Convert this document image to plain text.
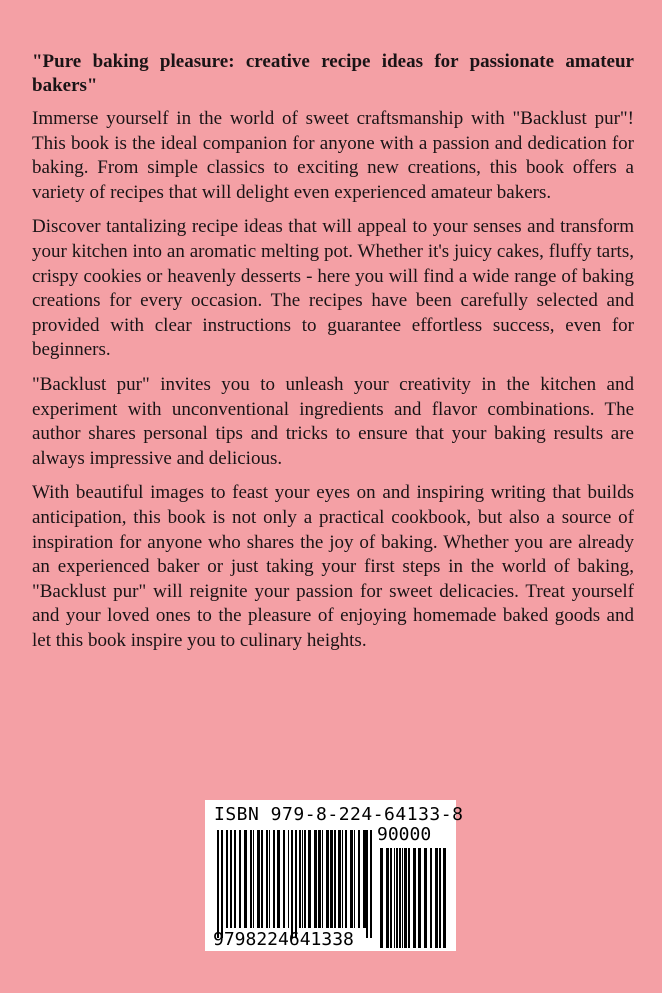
"Pure baking pleasure: creative recipe ideas for passionate amateur bakers"

Immerse yourself in the world of sweet craftsmanship with "Backlust pur"! This book is the ideal companion for anyone with a passion and dedication for baking. From simple classics to exciting new creations, this book offers a variety of recipes that will delight even experienced amateur bakers.

Discover tantalizing recipe ideas that will appeal to your senses and transform your kitchen into an aromatic melting pot. Whether it's juicy cakes, fluffy tarts, crispy cookies or heavenly desserts - here you will find a wide range of baking creations for every occasion. The recipes have been carefully selected and provided with clear instructions to guarantee effortless success, even for beginners.

"Backlust pur" invites you to unleash your creativity in the kitchen and experiment with unconventional ingredients and flavor combinations. The author shares personal tips and tricks to ensure that your baking results are always impressive and delicious.

With beautiful images to feast your eyes on and inspiring writing that builds anticipation, this book is not only a practical cookbook, but also a source of inspiration for anyone who shares the joy of baking. Whether you are already an experienced baker or just taking your first steps in the world of baking, "Backlust pur" will reignite your passion for sweet delicacies. Treat yourself and your loved ones to the pleasure of enjoying homemade baked goods and let this book inspire you to culinary heights.

ISBN 979-8-224-64133-8
90000
9798224641338
